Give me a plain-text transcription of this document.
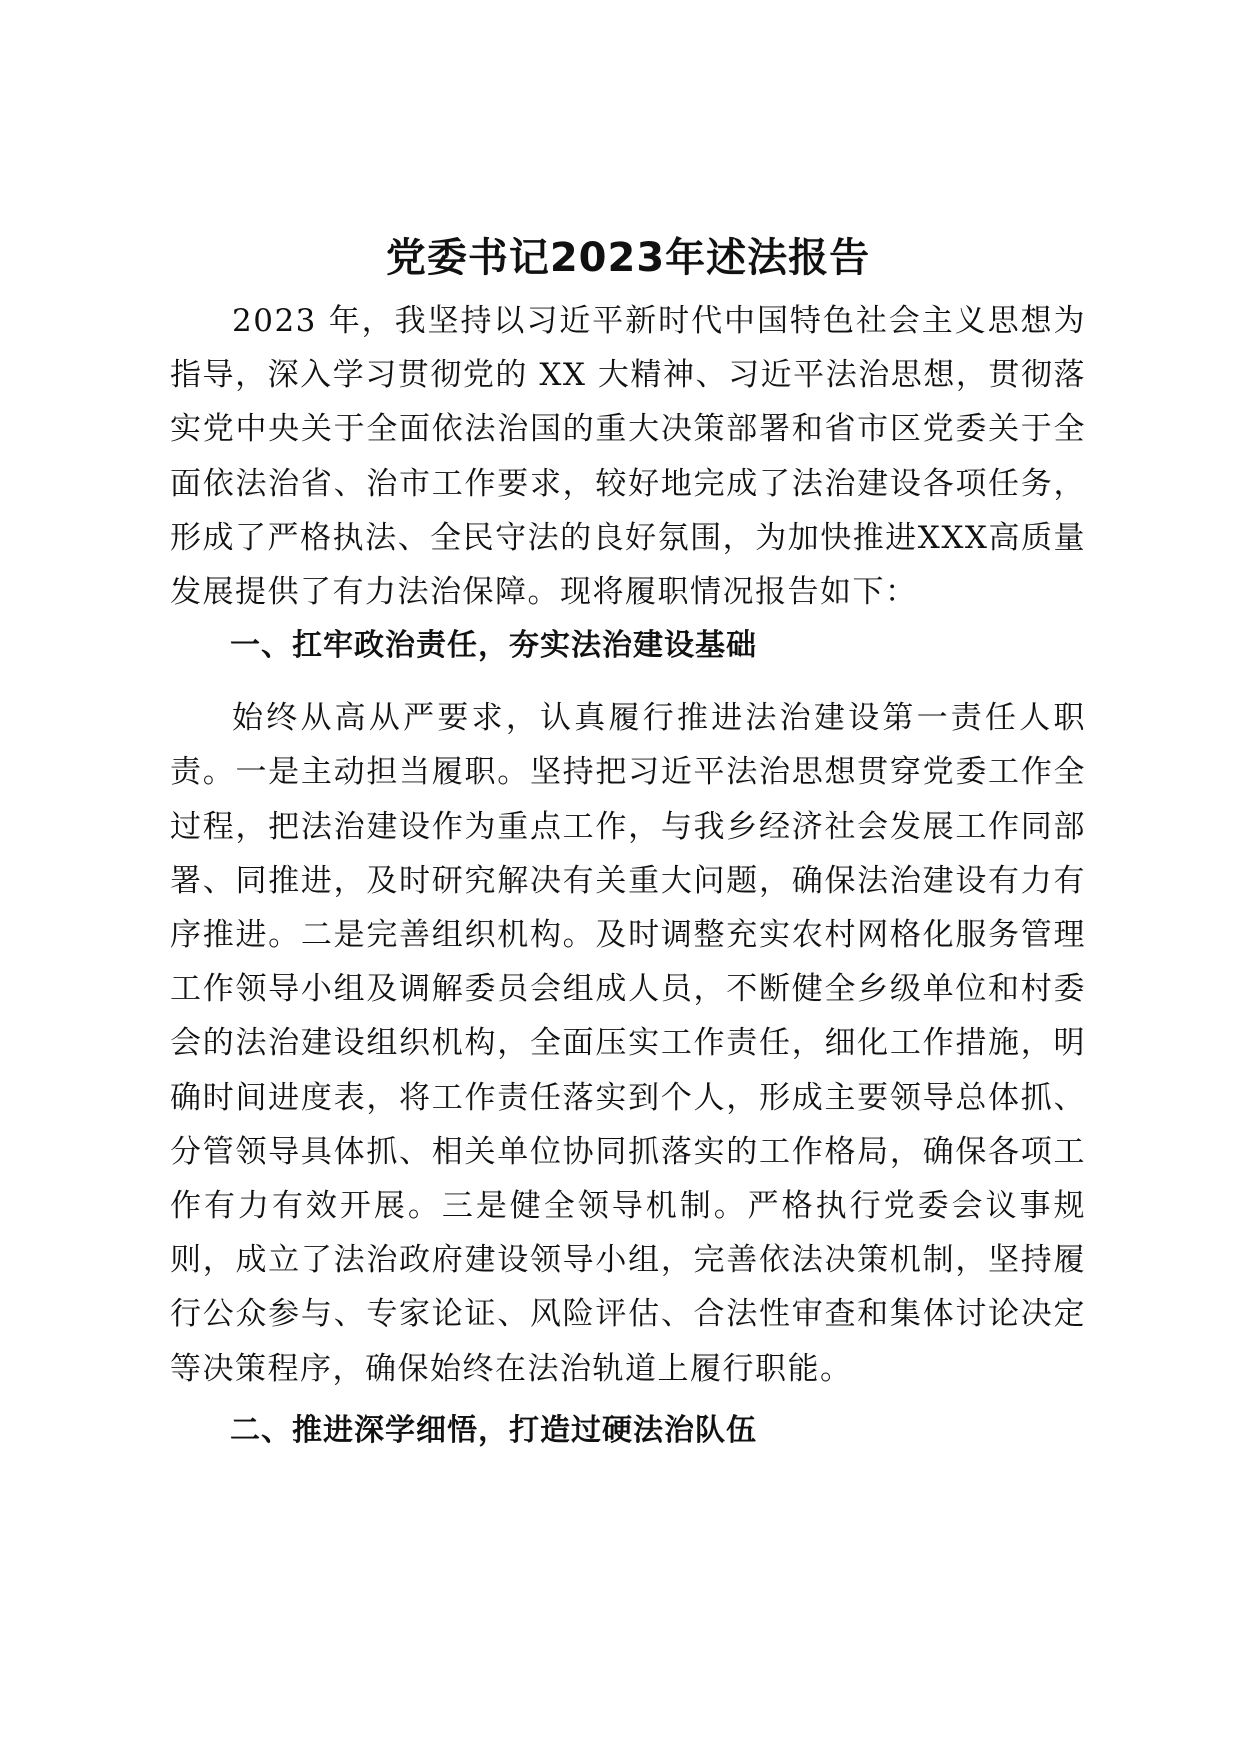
党委书记2023年述法报告

2023 年，我坚持以习近平新时代中国特色社会主义思想为指导，深入学习贯彻党的 XX 大精神、习近平法治思想，贯彻落实党中央关于全面依法治国的重大决策部署和省市区党委关于全面依法治省、治市工作要求，较好地完成了法治建设各项任务，形成了严格执法、全民守法的良好氛围，为加快推进XXX高质量发展提供了有力法治保障。现将履职情况报告如下：

一、扛牢政治责任，夯实法治建设基础

始终从高从严要求，认真履行推进法治建设第一责任人职责。一是主动担当履职。坚持把习近平法治思想贯穿党委工作全过程，把法治建设作为重点工作，与我乡经济社会发展工作同部署、同推进，及时研究解决有关重大问题，确保法治建设有力有序推进。二是完善组织机构。及时调整充实农村网格化服务管理工作领导小组及调解委员会组成人员，不断健全乡级单位和村委会的法治建设组织机构，全面压实工作责任，细化工作措施，明确时间进度表，将工作责任落实到个人，形成主要领导总体抓、分管领导具体抓、相关单位协同抓落实的工作格局，确保各项工作有力有效开展。三是健全领导机制。严格执行党委会议事规则，成立了法治政府建设领导小组，完善依法决策机制，坚持履行公众参与、专家论证、风险评估、合法性审查和集体讨论决定等决策程序，确保始终在法治轨道上履行职能。

二、推进深学细悟，打造过硬法治队伍
